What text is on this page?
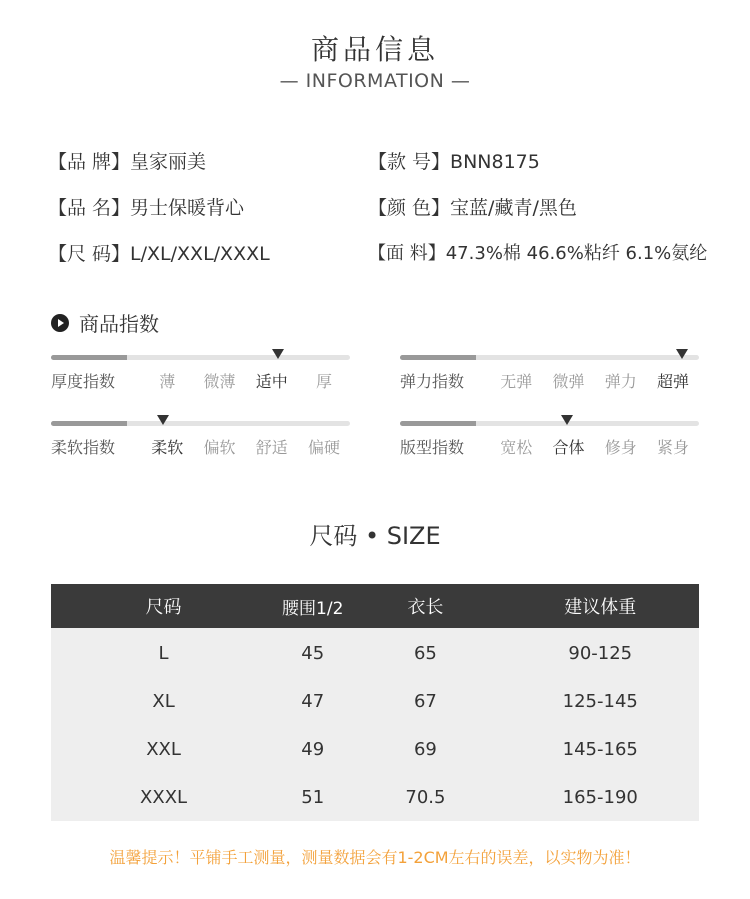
商品信息
— INFORMATION —
【品 牌】皇家丽美
【品 名】男士保暖背心
【尺 码】L/XL/XXL/XXXL
【款 号】BNN8175
【颜 色】宝蓝/藏青/黑色
【面 料】47.3%棉 46.6%粘纤 6.1%氨纶
商品指数
厚度指数	薄	微薄	适中	厚	弹力指数	无弹	微弹	弹力	超弹
柔软指数	柔软	偏软	舒适	偏硬	版型指数	宽松	合体	修身	紧身
尺码 • SIZE
尺码	腰围1/2	衣长	建议体重
L	45	65	90-125
XL	47	67	125-145
XXL	49	69	145-165
XXXL	51	70.5	165-190
温馨提示！平铺手工测量，测量数据会有1-2CM左右的误差，以实物为准！
